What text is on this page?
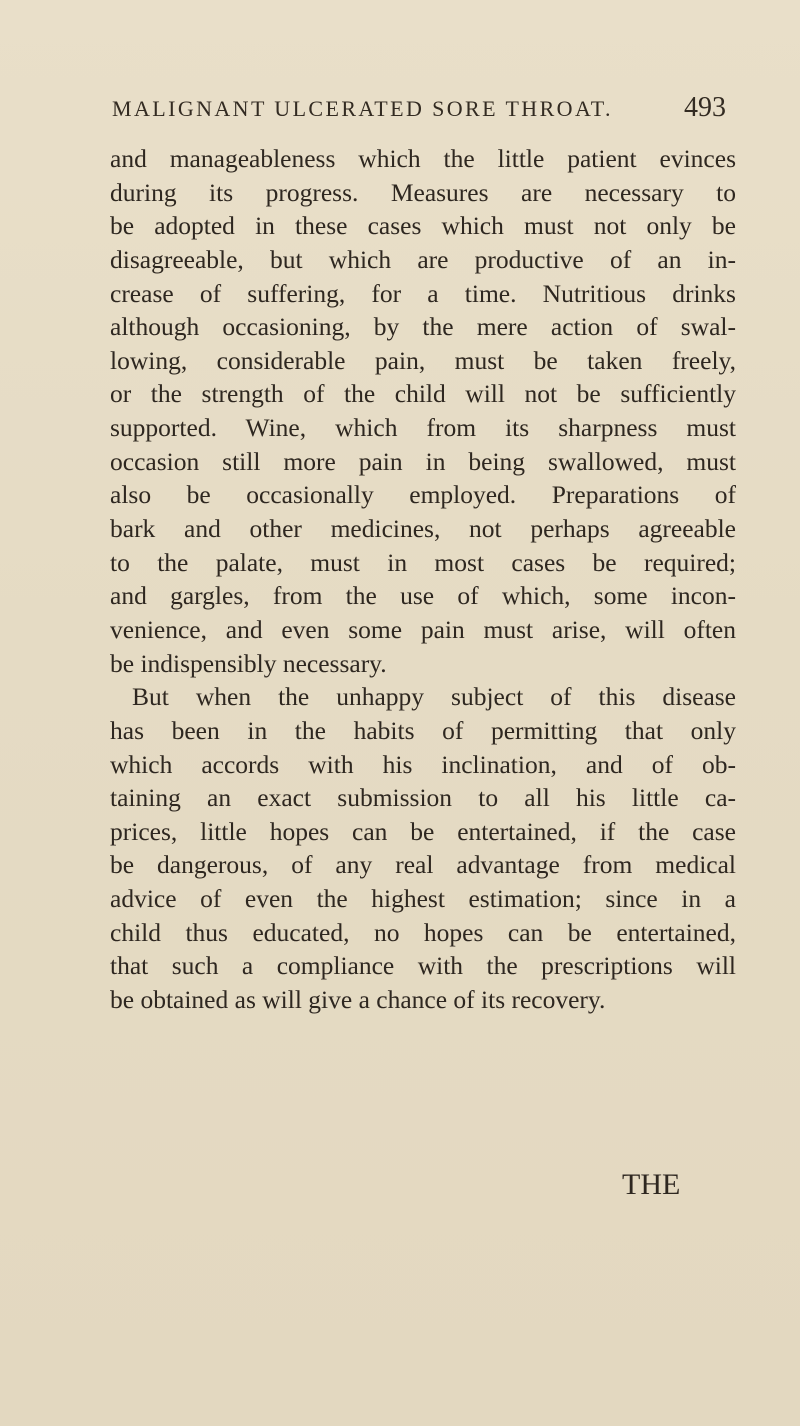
MALIGNANT ULCERATED SORE THROAT.	493
and manageableness which the little patient evinces
during its progress. Measures are necessary to
be adopted in these cases which must not only be
disagreeable, but which are productive of an in-
crease of suffering, for a time. Nutritious drinks
although occasioning, by the mere action of swal-
lowing, considerable pain, must be taken freely,
or the strength of the child will not be sufficiently
supported. Wine, which from its sharpness must
occasion still more pain in being swallowed, must
also be occasionally employed. Preparations of
bark and other medicines, not perhaps agreeable
to the palate, must in most cases be required;
and gargles, from the use of which, some incon-
venience, and even some pain must arise, will often
be indispensibly necessary.
But when the unhappy subject of this disease
has been in the habits of permitting that only
which accords with his inclination, and of ob-
taining an exact submission to all his little ca-
prices, little hopes can be entertained, if the case
be dangerous, of any real advantage from medical
advice of even the highest estimation; since in a
child thus educated, no hopes can be entertained,
that such a compliance with the prescriptions will
be obtained as will give a chance of its recovery.
THE
